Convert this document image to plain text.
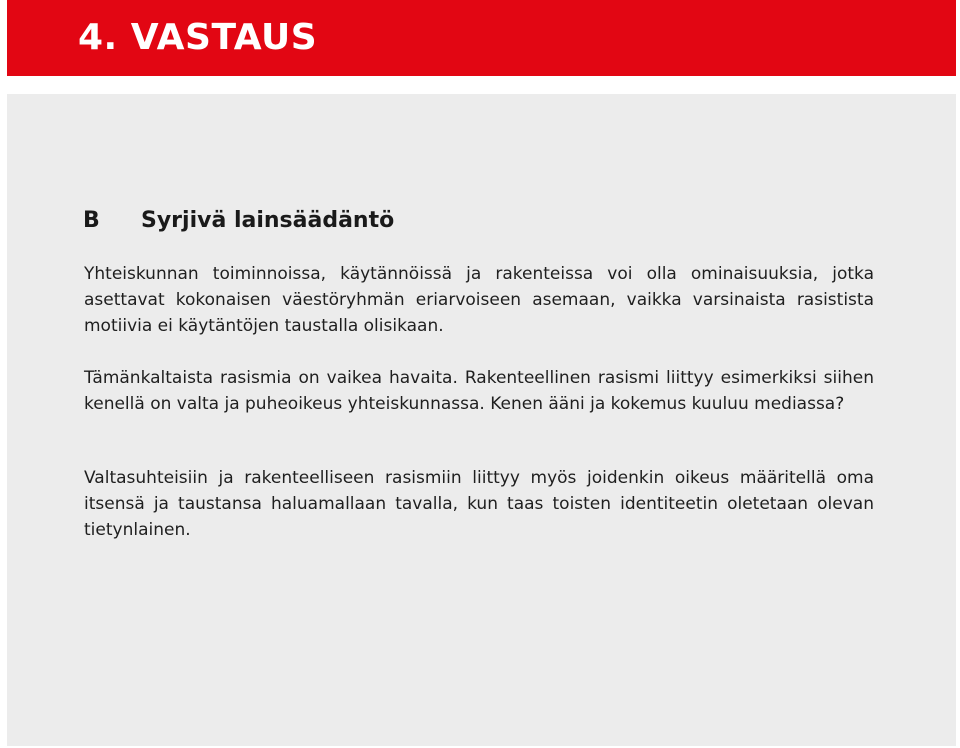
4. VASTAUS
B	Syrjivä lainsäädäntö

Yhteiskunnan toiminnoissa, käytännöissä ja rakenteissa voi olla ominaisuuksia, jotka asettavat kokonaisen väestöryhmän eriarvoiseen asemaan, vaikka varsinaista rasistista motiivia ei käytäntöjen taustalla olisikaan.

Tämänkaltaista rasismia on vaikea havaita. Rakenteellinen rasismi liittyy esimerkiksi siihen kenellä on valta ja puheoikeus yhteiskunnassa. Kenen ääni ja kokemus kuuluu mediassa?

Valtasuhteisiin ja rakenteelliseen rasismiin liittyy myös joidenkin oikeus määritellä oma itsensä ja taustansa haluamallaan tavalla, kun taas toisten identiteetin oletetaan olevan tietynlainen.
